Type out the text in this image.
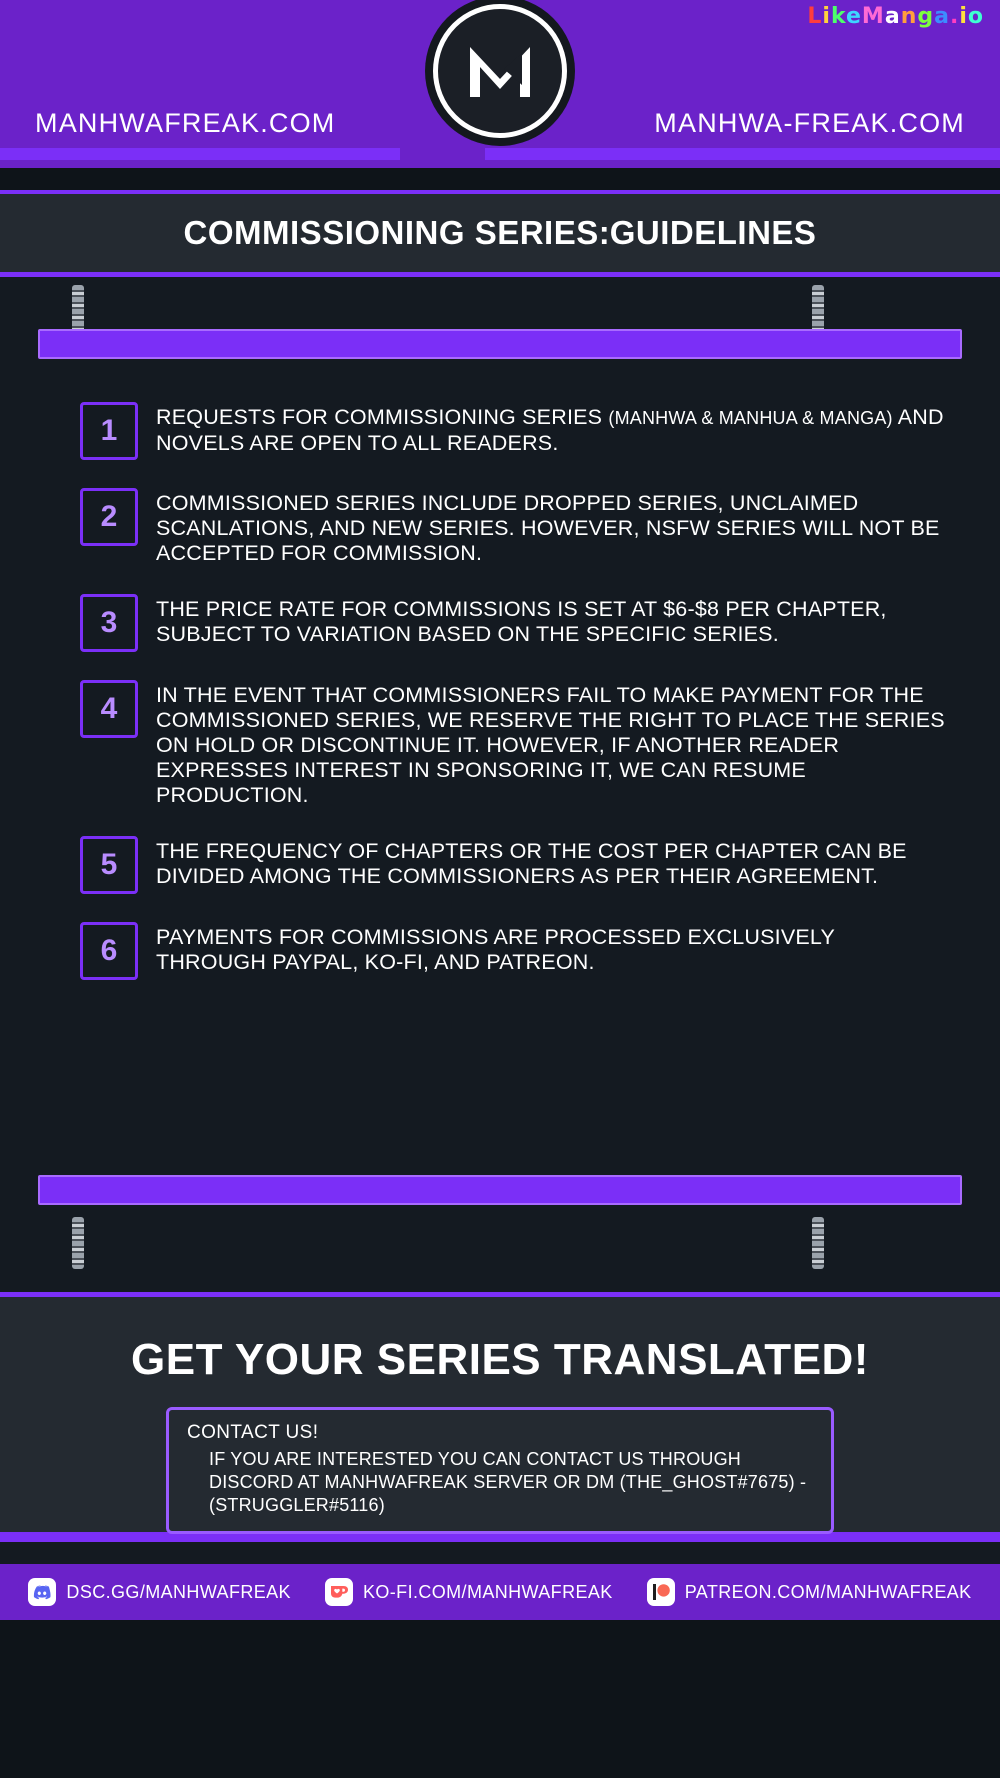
LikeManga.io
MANHWAFREAK.COM	MANHWA-FREAK.COM
COMMISSIONING SERIES:GUIDELINES
1	REQUESTS FOR COMMISSIONING SERIES (MANHWA & MANHUA & MANGA) AND NOVELS ARE OPEN TO ALL READERS.
2	COMMISSIONED SERIES INCLUDE DROPPED SERIES, UNCLAIMED SCANLATIONS, AND NEW SERIES. HOWEVER, NSFW SERIES WILL NOT BE ACCEPTED FOR COMMISSION.
3	THE PRICE RATE FOR COMMISSIONS IS SET AT $6-$8 PER CHAPTER, SUBJECT TO VARIATION BASED ON THE SPECIFIC SERIES.
4	IN THE EVENT THAT COMMISSIONERS FAIL TO MAKE PAYMENT FOR THE COMMISSIONED SERIES, WE RESERVE THE RIGHT TO PLACE THE SERIES ON HOLD OR DISCONTINUE IT. HOWEVER, IF ANOTHER READER EXPRESSES INTEREST IN SPONSORING IT, WE CAN RESUME PRODUCTION.
5	THE FREQUENCY OF CHAPTERS OR THE COST PER CHAPTER CAN BE DIVIDED AMONG THE COMMISSIONERS AS PER THEIR AGREEMENT.
6	PAYMENTS FOR COMMISSIONS ARE PROCESSED EXCLUSIVELY THROUGH PAYPAL, KO-FI, AND PATREON.
GET YOUR SERIES TRANSLATED!
CONTACT US!
IF YOU ARE INTERESTED YOU CAN CONTACT US THROUGH DISCORD AT MANHWAFREAK SERVER OR DM (THE_GHOST#7675) - (STRUGGLER#5116)
DSC.GG/MANHWAFREAK	KO-FI.COM/MANHWAFREAK	PATREON.COM/MANHWAFREAK
